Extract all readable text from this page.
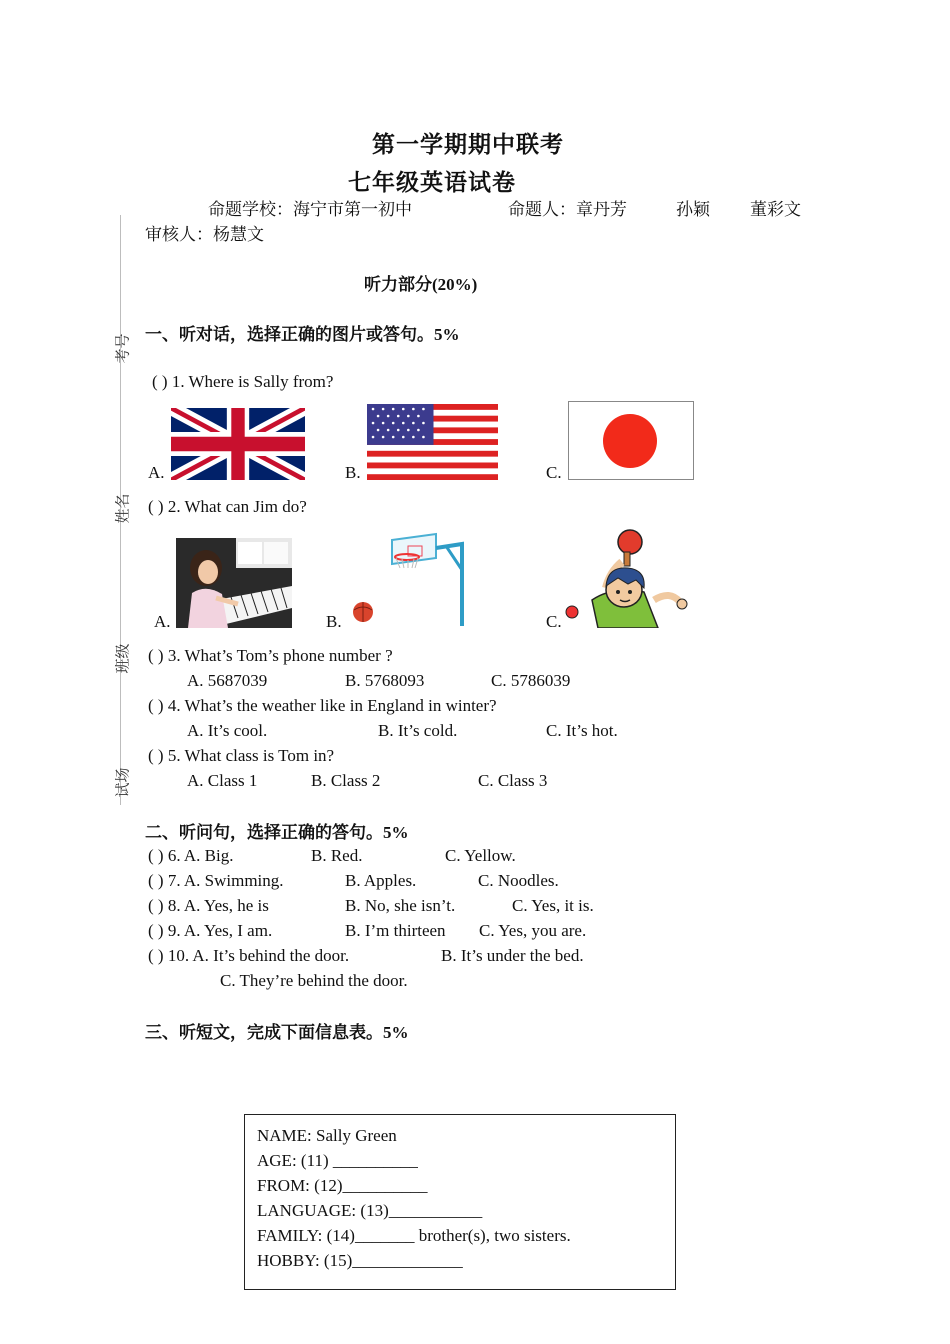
第一学期期中联考
七年级英语试卷
命题学校：海宁市第一初中	命题人：章丹芳	孙颖 董彩文
审核人：杨慧文
考号
姓名
班级
试场
听力部分(20%)
一、听对话，选择正确的图片或答句。5%
( ) 1. Where is Sally from?
A.	B.	C.
( ) 2. What can Jim do?
A.	B.	C.
( ) 3. What’s Tom’s phone number ?
A. 5687039	B. 5768093	C. 5786039
( ) 4. What’s the weather like in England in winter?
A. It’s cool.	B. It’s cold.	C. It’s hot.
( ) 5. What class is Tom in?
A. Class 1	B. Class 2	C. Class 3
二、听问句，选择正确的答句。5%
( ) 6. A. Big.	B. Red.	C. Yellow.
( ) 7. A. Swimming.	B. Apples.	C. Noodles.
( ) 8. A. Yes, he is	B. No, she isn’t.	C. Yes, it is.
( ) 9. A. Yes, I am.	B. I’m thirteen C. Yes, you are.
( ) 10. A. It’s behind the door.	B. It’s under the bed.
C. They’re behind the door.
三、听短文，完成下面信息表。5%
NAME: Sally Green
AGE: (11) __________
FROM: (12)__________
LANGUAGE: (13)___________
FAMILY: (14)_______ brother(s), two sisters.
HOBBY: (15)_____________
